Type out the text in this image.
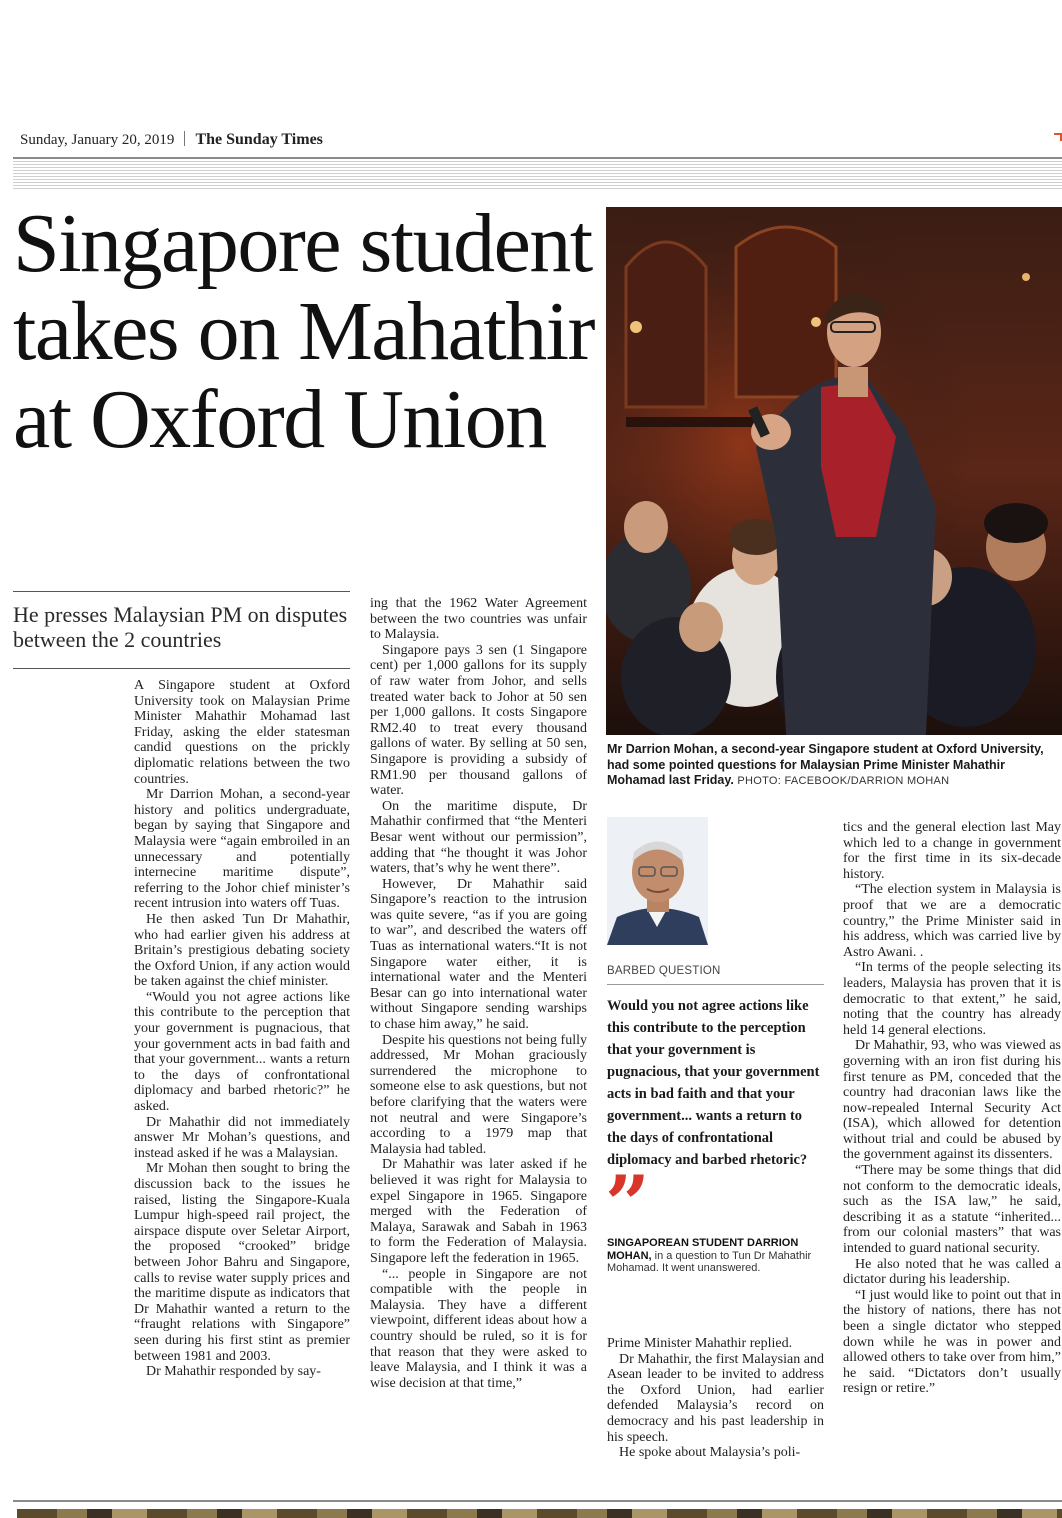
Sunday, January 20, 2019 The Sunday Times
Singapore student takes on Mahathir at Oxford Union
He presses Malaysian PM on disputes between the 2 countries
Mr Darrion Mohan, a second-year Singapore student at Oxford University, had some pointed questions for Malaysian Prime Minister Mahathir Mohamad last Friday. PHOTO: FACEBOOK/DARRION MOHAN
BARBED QUESTION

Would you not agree actions like this contribute to the perception that your government is pugnacious, that your government acts in bad faith and that your government... wants a return to the days of confrontational diplomacy and barbed rhetoric?

”
SINGAPOREAN STUDENT DARRION MOHAN, in a question to Tun Dr Mahathir Mohamad. It went unanswered.

A Singapore student at Oxford University took on Malaysian Prime Minister Mahathir Mohamad last Friday, asking the elder statesman candid questions on the prickly diplomatic relations between the two countries.

Mr Darrion Mohan, a second-year history and politics undergraduate, began by saying that Singapore and Malaysia were “again embroiled in an unnecessary and potentially internecine maritime dispute”, referring to the Johor chief minister’s recent intrusion into waters off Tuas.

He then asked Tun Dr Mahathir, who had earlier given his address at Britain’s prestigious debating society the Oxford Union, if any action would be taken against the chief minister.

“Would you not agree actions like this contribute to the perception that your government is pugnacious, that your government acts in bad faith and that your government... wants a return to the days of confrontational diplomacy and barbed rhetoric?” he asked.

Dr Mahathir did not immediately answer Mr Mohan’s questions, and instead asked if he was a Malaysian.

Mr Mohan then sought to bring the discussion back to the issues he raised, listing the Singapore-Kuala Lumpur high-speed rail project, the airspace dispute over Seletar Airport, the proposed “crooked” bridge between Johor Bahru and Singapore, calls to revise water supply prices and the maritime dispute as indicators that Dr Mahathir wanted a return to the “fraught relations with Singapore” seen during his first stint as premier between 1981 and 2003.

Dr Mahathir responded by say-

ing that the 1962 Water Agreement between the two countries was unfair to Malaysia.

Singapore pays 3 sen (1 Singapore cent) per 1,000 gallons for its supply of raw water from Johor, and sells treated water back to Johor at 50 sen per 1,000 gallons. It costs Singapore RM2.40 to treat every thousand gallons of water. By selling at 50 sen, Singapore is providing a subsidy of RM1.90 per thousand gallons of water.

On the maritime dispute, Dr Mahathir confirmed that “the Menteri Besar went without our permission”, adding that “he thought it was Johor waters, that’s why he went there”.

However, Dr Mahathir said Singapore’s reaction to the intrusion was quite severe, “as if you are going to war”, and described the waters off Tuas as international waters.“It is not Singapore water either, it is international water and the Menteri Besar can go into international water without Singapore sending warships to chase him away,” he said.

Despite his questions not being fully addressed, Mr Mohan graciously surrendered the microphone to someone else to ask questions, but not before clarifying that the waters were not neutral and were Singapore’s according to a 1979 map that Malaysia had tabled.

Dr Mahathir was later asked if he believed it was right for Malaysia to expel Singapore in 1965. Singapore merged with the Federation of Malaya, Sarawak and Sabah in 1963 to form the Federation of Malaysia. Singapore left the federation in 1965.

“... people in Singapore are not compatible with the people in Malaysia. They have a different viewpoint, different ideas about how a country should be ruled, so it is for that reason that they were asked to leave Malaysia, and I think it was a wise decision at that time,”

Prime Minister Mahathir replied.

Dr Mahathir, the first Malaysian and Asean leader to be invited to address the Oxford Union, had earlier defended Malaysia’s record on democracy and his past leadership in his speech.

He spoke about Malaysia’s poli-

tics and the general election last May which led to a change in government for the first time in its six-decade history.

“The election system in Malaysia is proof that we are a democratic country,” the Prime Minister said in his address, which was carried live by Astro Awani. .

“In terms of the people selecting its leaders, Malaysia has proven that it is democratic to that extent,” he said, noting that the country has already held 14 general elections.

Dr Mahathir, 93, who was viewed as governing with an iron fist during his first tenure as PM, conceded that the country had draconian laws like the now-repealed Internal Security Act (ISA), which allowed for detention without trial and could be abused by the government against its dissenters.

“There may be some things that did not conform to the democratic ideals, such as the ISA law,” he said, describing it as a statute “inherited... from our colonial masters” that was intended to guard national security.

He also noted that he was called a dictator during his leadership.

“I just would like to point out that in the history of nations, there has not been a single dictator who stepped down while he was in power and allowed others to take over from him,” he said. “Dictators don’t usually resign or retire.”
